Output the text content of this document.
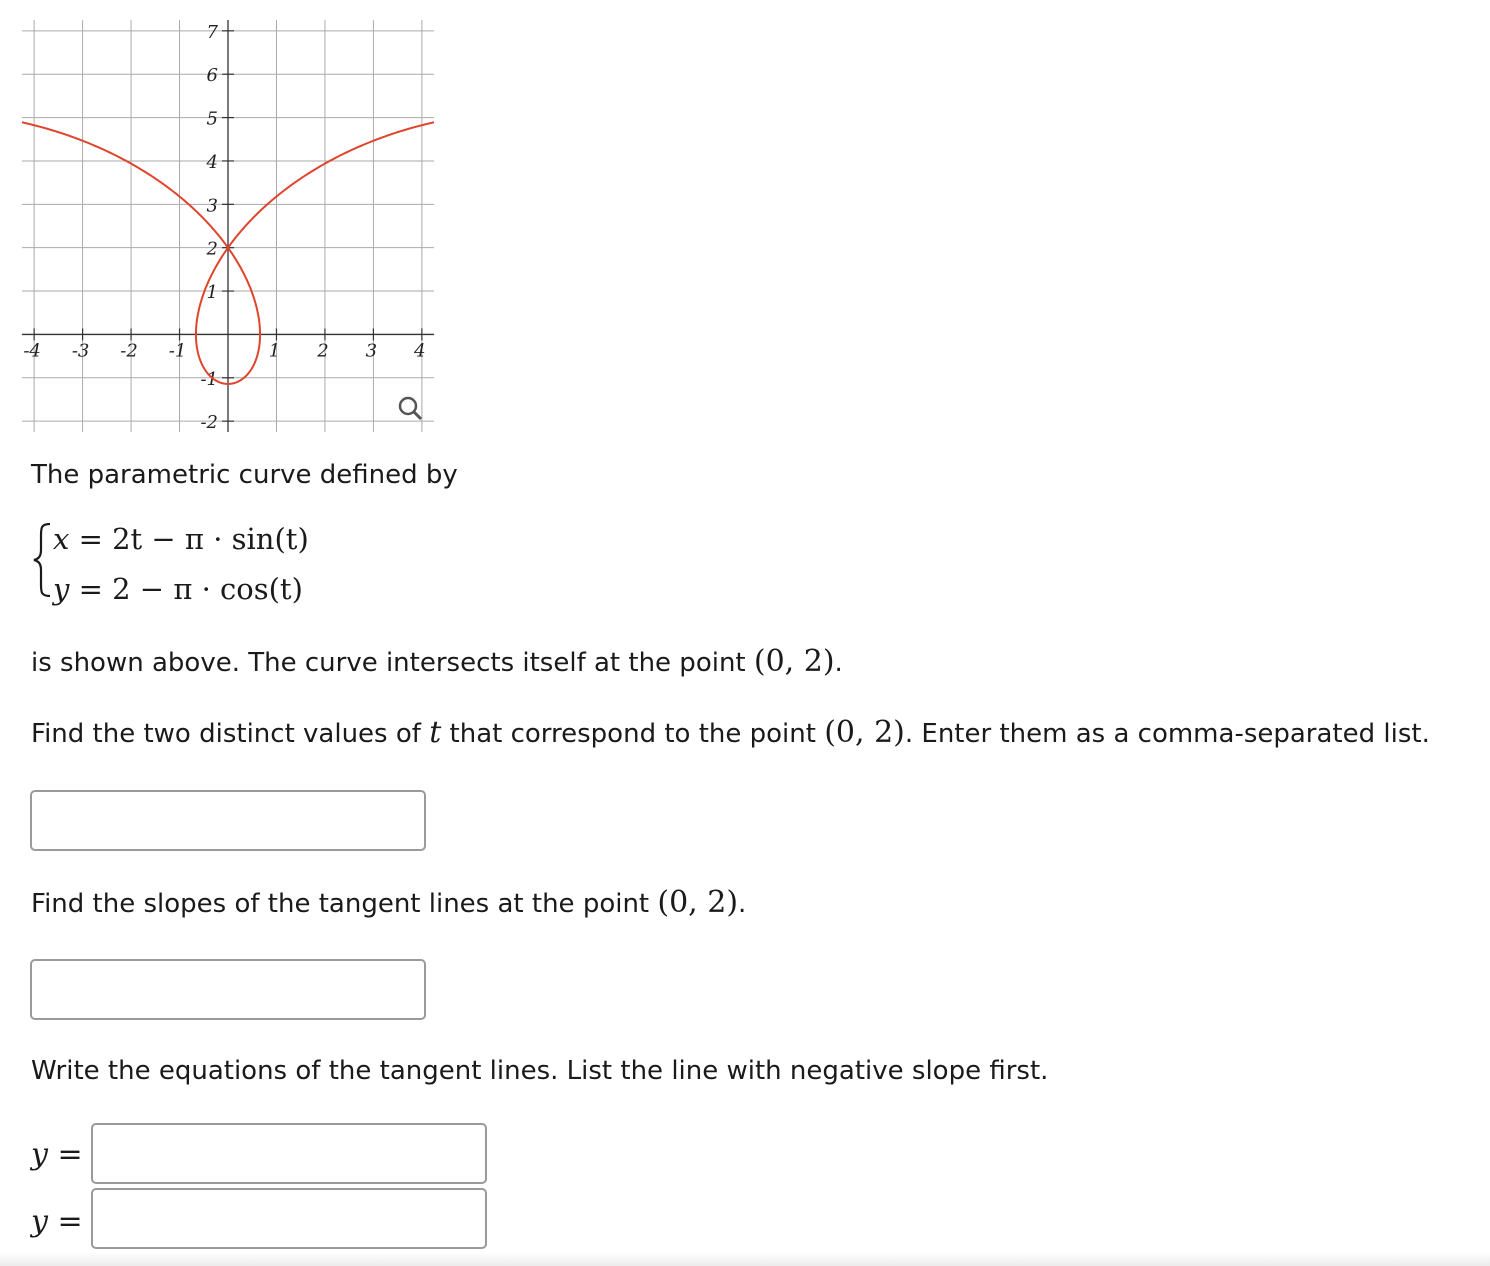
-4 -3 -2 -1	1 2 3 4
7
6
5
4
3
2
1
-1
-2
The parametric curve defined by
x = 2t − π · sin(t)
y = 2 − π · cos(t)
is shown above. The curve intersects itself at the point (0, 2).
Find the two distinct values of t that correspond to the point (0, 2). Enter them as a comma-separated list.
Find the slopes of the tangent lines at the point (0, 2).
Write the equations of the tangent lines. List the line with negative slope first.
y =
y =
